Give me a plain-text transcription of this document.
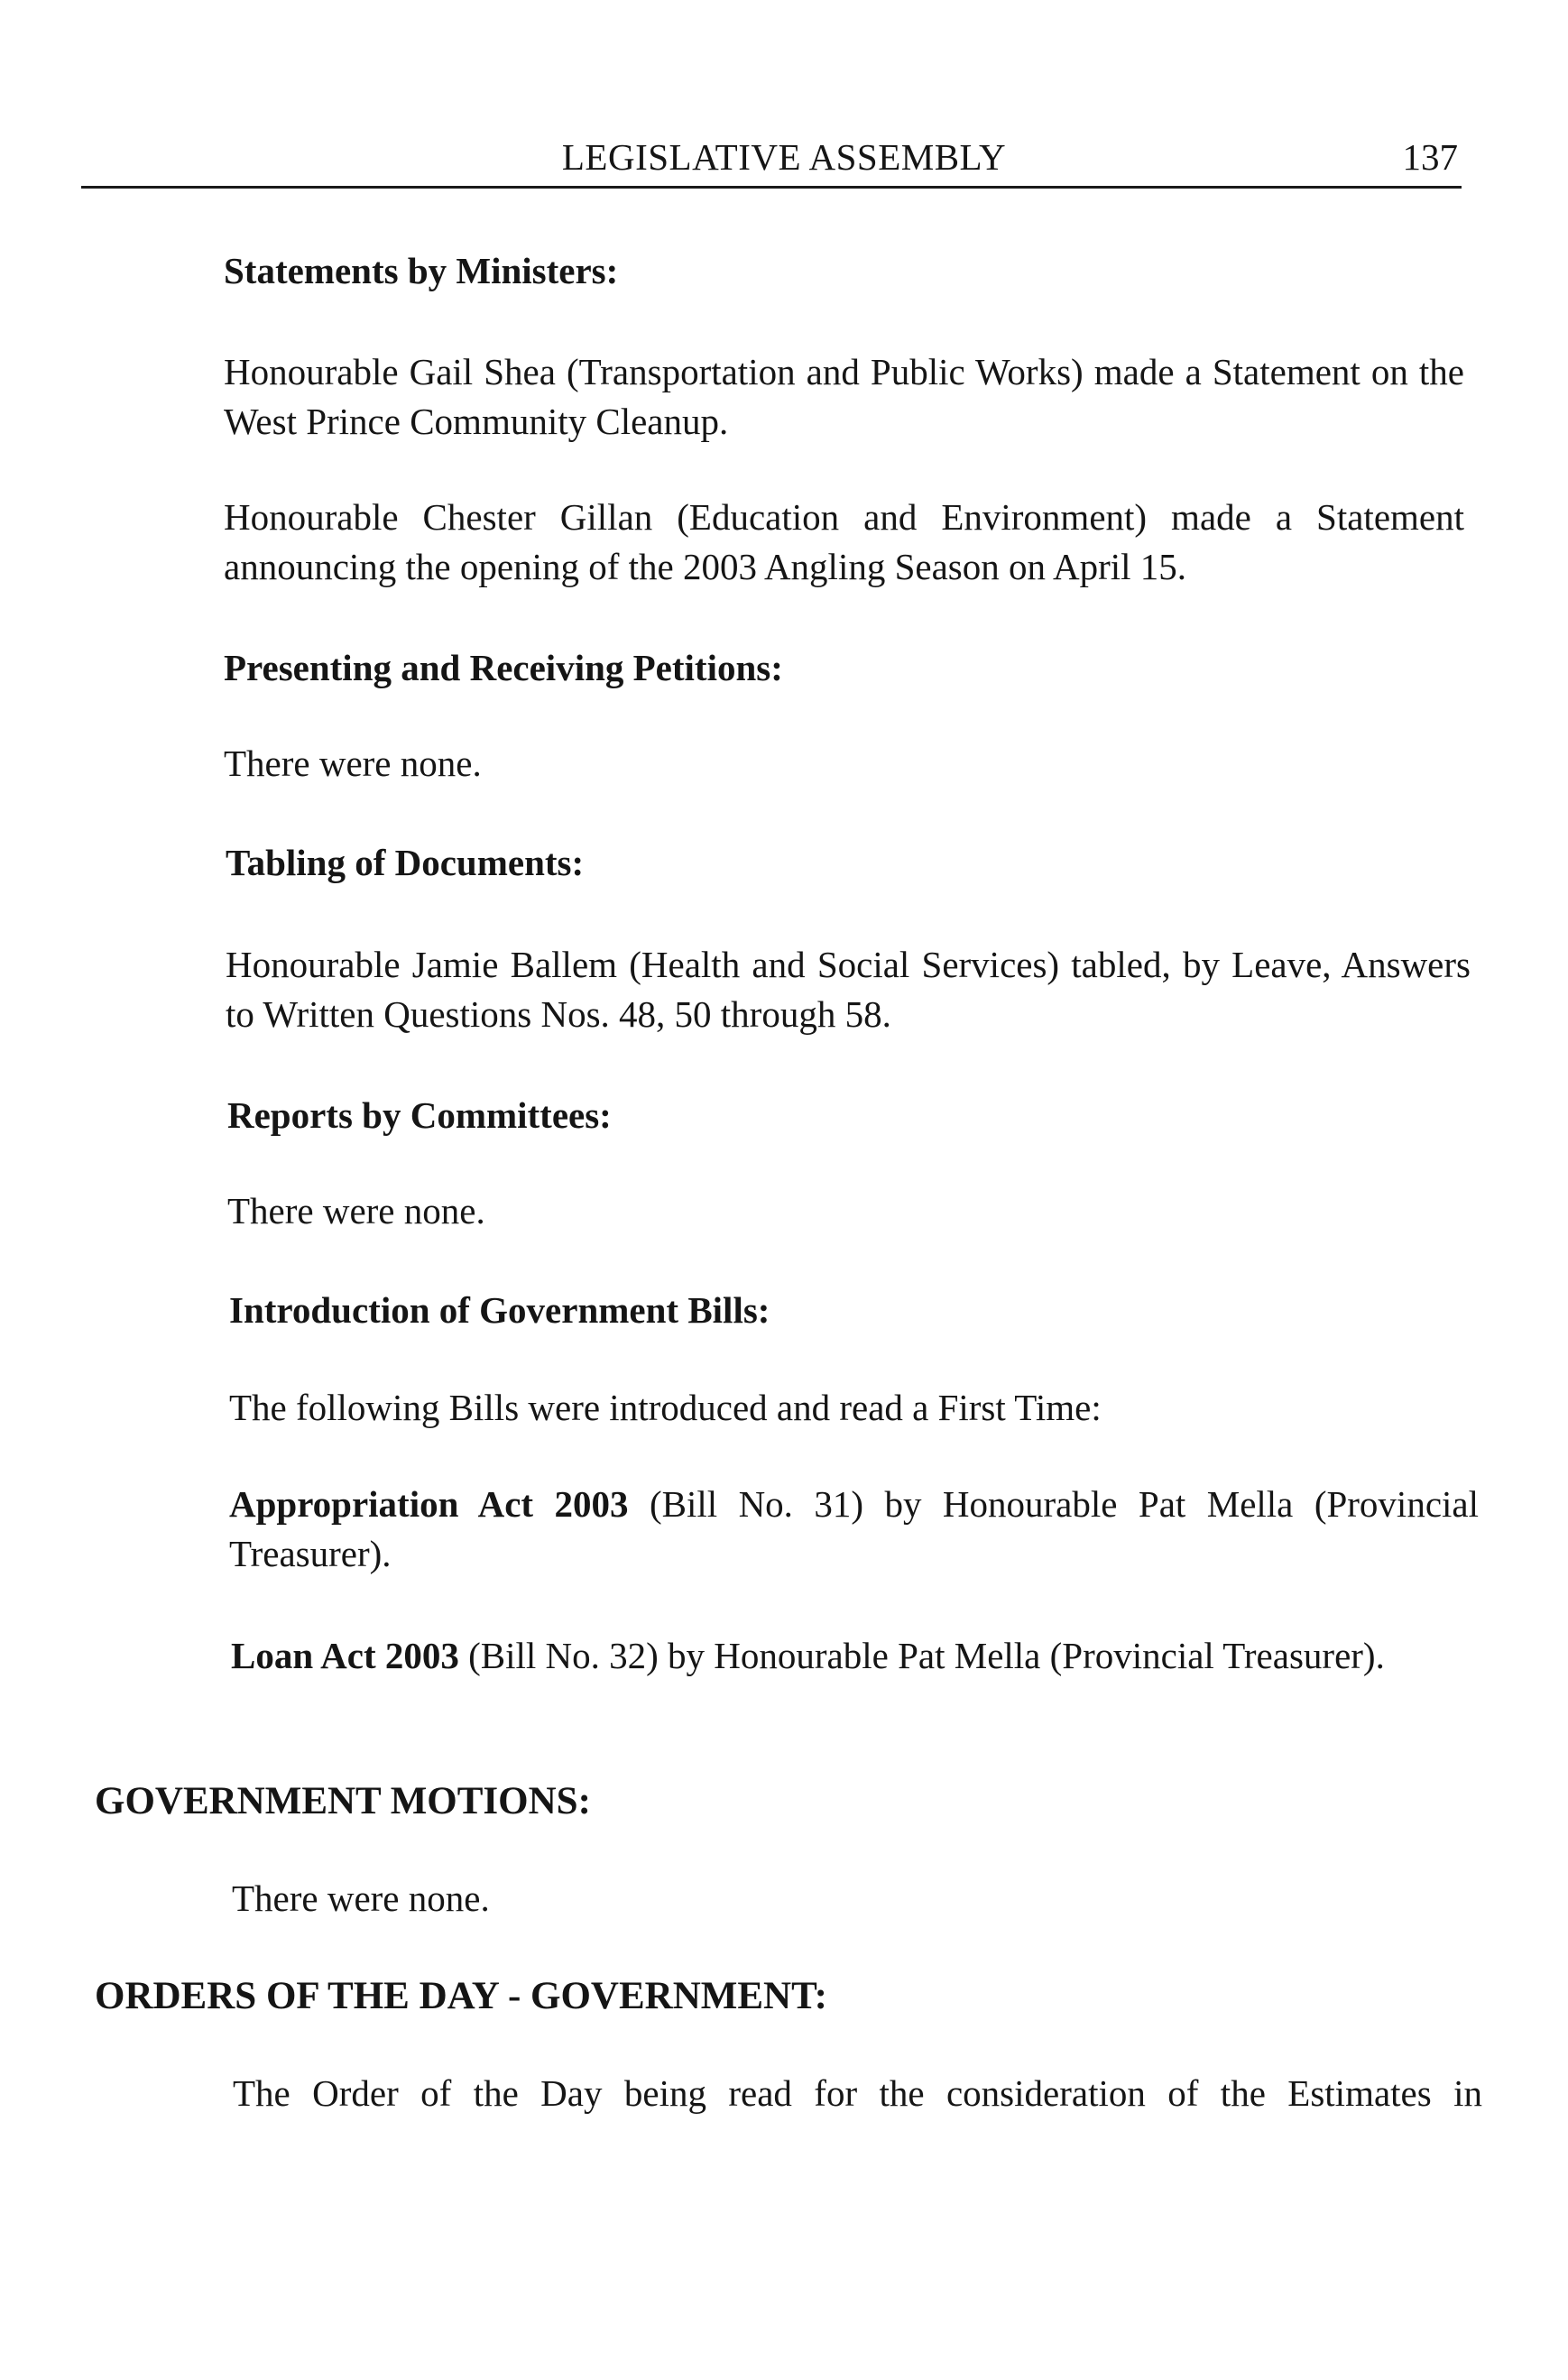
LEGISLATIVE ASSEMBLY	137
Statements by Ministers:

Honourable Gail Shea (Transportation and Public Works) made a Statement on the West Prince Community Cleanup.

Honourable Chester Gillan (Education and Environment) made a Statement announcing the opening of the 2003 Angling Season on April 15.

Presenting and Receiving Petitions:
There were none.
Tabling of Documents:

Honourable Jamie Ballem (Health and Social Services) tabled, by Leave, Answers to Written Questions Nos. 48, 50 through 58.

Reports by Committees:
There were none.
Introduction of Government Bills:
The following Bills were introduced and read a First Time:

Appropriation Act 2003 (Bill No. 31) by Honourable Pat Mella (Provincial Treasurer).

Loan Act 2003 (Bill No. 32) by Honourable Pat Mella (Provincial Treasurer).

GOVERNMENT MOTIONS:
There were none.
ORDERS OF THE DAY - GOVERNMENT:
The Order of the Day being read for the consideration of the Estimates in
